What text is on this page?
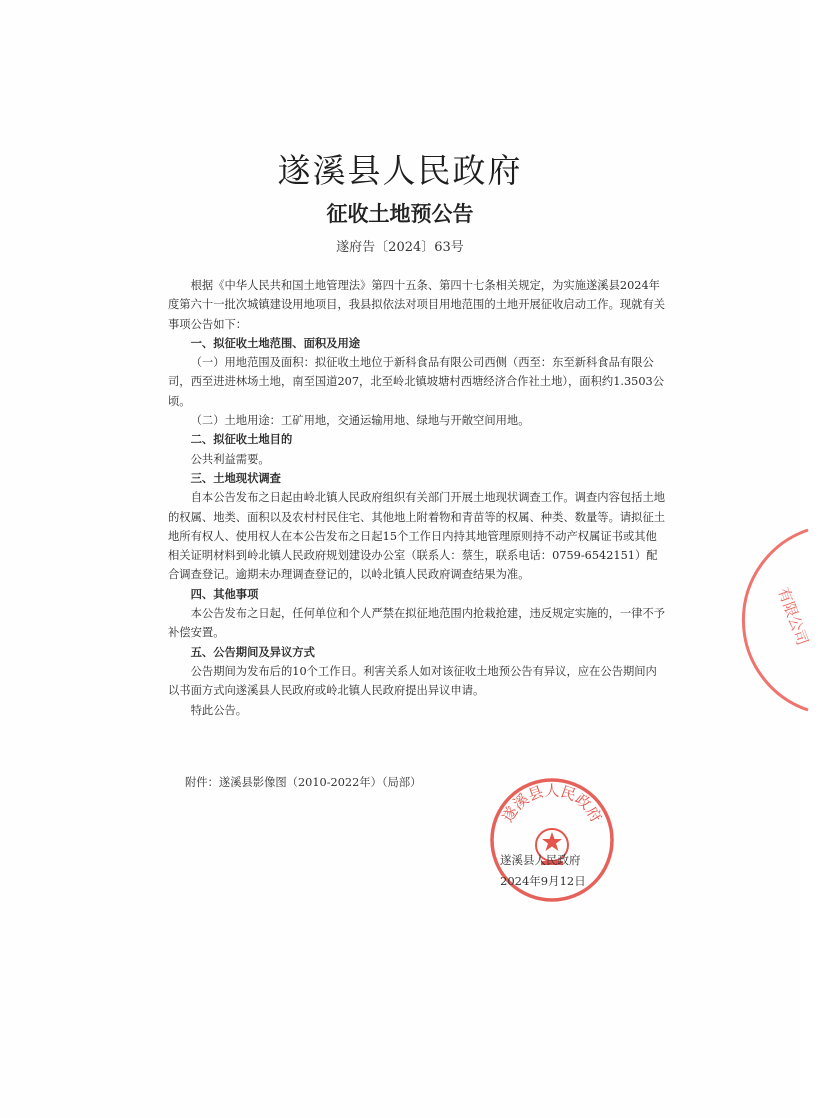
遂溪县人民政府
征收土地预公告
遂府告〔2024〕63号

根据《中华人民共和国土地管理法》第四十五条、第四十七条相关规定，为实施遂溪县2024年度第六十一批次城镇建设用地项目，我县拟依法对项目用地范围的土地开展征收启动工作。现就有关事项公告如下：

一、拟征收土地范围、面积及用途

（一）用地范围及面积：拟征收土地位于新科食品有限公司西侧（西至：东至新科食品有限公司，西至进进林场土地，南至国道207，北至岭北镇坡塘村西塘经济合作社土地），面积约1.3503公顷。

（二）土地用途：工矿用地，交通运输用地、绿地与开敞空间用地。

二、拟征收土地目的

公共利益需要。

三、土地现状调查

自本公告发布之日起由岭北镇人民政府组织有关部门开展土地现状调查工作。调查内容包括土地的权属、地类、面积以及农村村民住宅、其他地上附着物和青苗等的权属、种类、数量等。请拟征土地所有权人、使用权人在本公告发布之日起15个工作日内持其地管理原则持不动产权属证书或其他相关证明材料到岭北镇人民政府规划建设办公室（联系人：蔡生，联系电话：0759-6542151）配合调查登记。逾期未办理调查登记的，以岭北镇人民政府调查结果为准。

四、其他事项

本公告发布之日起，任何单位和个人严禁在拟征地范围内抢栽抢建，违反规定实施的，一律不予补偿安置。

五、公告期间及异议方式

公告期间为发布后的10个工作日。利害关系人如对该征收土地预公告有异议，应在公告期间内以书面方式向遂溪县人民政府或岭北镇人民政府提出异议申请。

特此公告。

附件：遂溪县影像图（2010-2022年）（局部）
遂溪县人民政府
遂溪县人民政府
2024年9月12日
有限公司
